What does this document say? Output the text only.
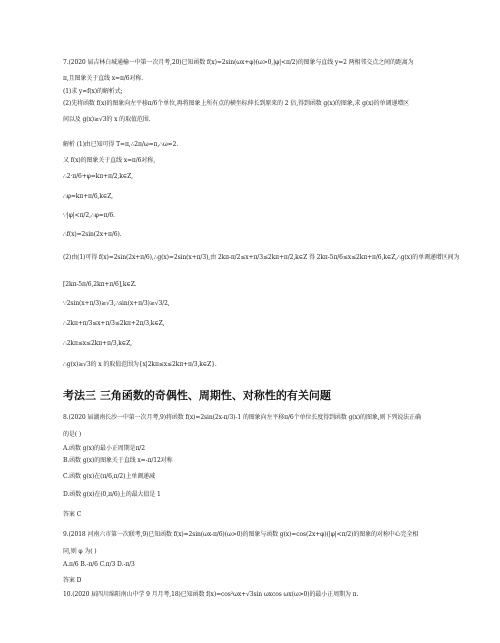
7.(2020 届吉林白城通榆一中第一次月考,20)已知函数 f(x)=2sin(ωx+φ)(ω>0,|φ|<π/2)的图象与直线 y=2 两相邻交点之间的距离为
π,且图象关于直线 x=π/6对称.
(1)求 y=f(x)的解析式;
(2)先将函数 f(x)的图象向左平移π/6个单位,再将图象上所有点的横坐标伸长到原来的 2 倍,得到函数 g(x)的图象,求 g(x)的单调递增区
间以及 g(x)≥√3的 x 的取值范围.
解析 (1)由已知可得 T=π,∴2π/ω=π,∴ω=2.
又 f(x)的图象关于直线 x=π/6对称,
∴2·π/6+φ=kπ+π/2,k∈Z,
∴φ=kπ+π/6,k∈Z,
∵|φ|<π/2,∴φ=π/6.
∴f(x)=2sin(2x+π/6).
(2)由(1)可得 f(x)=2sin(2x+π/6),∴g(x)=2sin(x+π/3),由 2kπ-π/2≤x+π/3≤2kπ+π/2,k∈Z 得 2kπ-5π/6≤x≤2kπ+π/6,k∈Z,∴g(x)的单调递增区间为
[2kπ-5π/6,2kπ+π/6],k∈Z.
∵2sin(x+π/3)≥√3,∴sin(x+π/3)≥√3/2,
∴2kπ+π/3≤x+π/3≤2kπ+2π/3,k∈Z,
∴2kπ≤x≤2kπ+π/3,k∈Z,
∴g(x)≥√3的 x 的取值范围为{x|2kπ≤x≤2kπ+π/3,k∈Z}.
考法三 三角函数的奇偶性、周期性、对称性的有关问题
8.(2020 届湖南长沙一中第一次月考,9)将函数 f(x)=2sin(2x-π/3)-1 的图象向左平移π/6个单位长度得到函数 g(x)的图象,则下列说法正确
的是( )
A.函数 g(x)的最小正周期是π/2
B.函数 g(x)的图象关于直线 x=-π/12对称
C.函数 g(x)在(π/6,π/2)上单调递减
D.函数 g(x)在(0,π/6)上的最大值是 1
答案 C
9.(2018 河南六市第一次联考,9)已知函数 f(x)=2sin(ωx-π/6)(ω>0)的图象与函数 g(x)=cos(2x+φ)(|φ|<π/2)的图象的对称中心完全相
同,则 φ 为( )
A.π/6 B.-π/6 C.π/3 D.-π/3
答案 D
10.(2020 届四川绵阳南山中学 9 月月考,18)已知函数 f(x)=cos²ωx+√3sin ωxcos ωx(ω>0)的最小正周期为 π.
